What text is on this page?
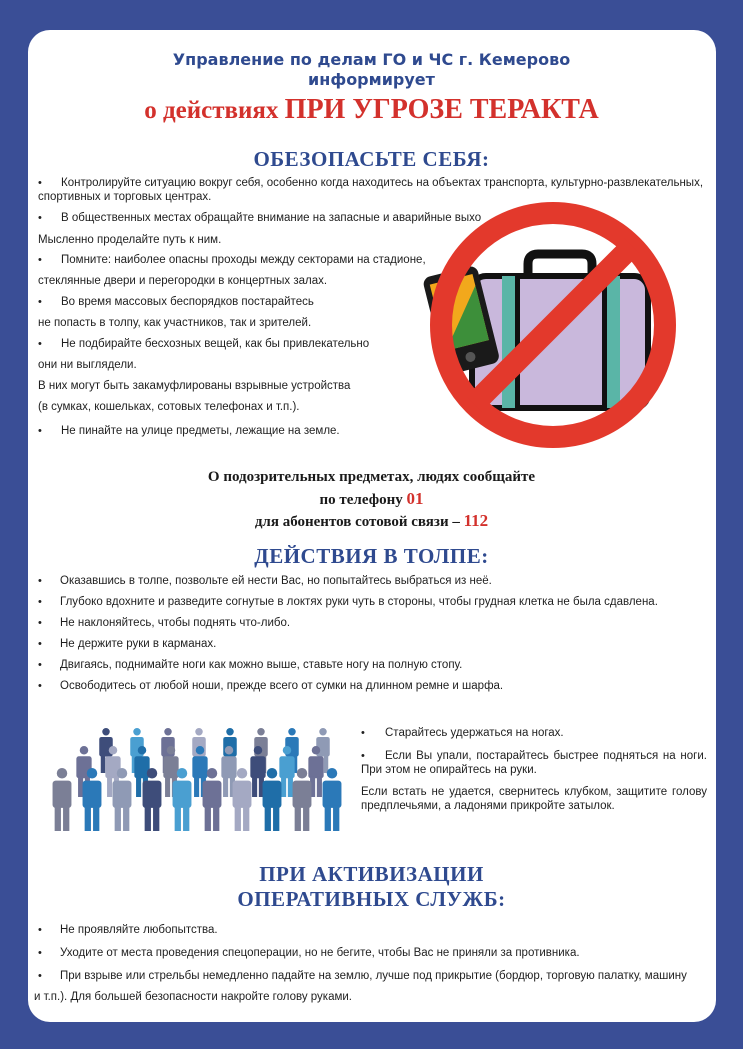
Управление по делам ГО и ЧС г. Кемерово
информирует
о действиях ПРИ УГРОЗЕ ТЕРАКТА
ОБЕЗОПАСЬТЕ СЕБЯ:
•	Контролируйте ситуацию вокруг себя, особенно когда находитесь на объектах транспорта, культурно-развлекательных,
спортивных и торговых центрах.
•	В общественных местах обращайте внимание на запасные и аварийные выхо
Мысленно проделайте путь к ним.
•	Помните: наиболее опасны проходы между секторами на стадионе,
стеклянные двери и перегородки в концертных залах.
•	Во время массовых беспорядков постарайтесь
не попасть в толпу, как участников, так и зрителей.
•	Не подбирайте бесхозных вещей, как бы привлекательно
они ни выглядели.
В них могут быть закамуфлированы взрывные устройства
(в сумках, кошельках, сотовых телефонах и т.п.).
•	Не пинайте на улице предметы, лежащие на земле.
О подозрительных предметах, людях сообщайте
по телефону 01
для абонентов сотовой связи – 112
ДЕЙСТВИЯ В ТОЛПЕ:
• Оказавшись в толпе, позвольте ей нести Вас, но попытайтесь выбраться из неё.
• Глубоко вдохните и разведите согнутые в локтях руки чуть в стороны, чтобы грудная клетка не была сдавлена.
• Не наклоняйтесь, чтобы поднять что-либо.
• Не держите руки в карманах.
• Двигаясь, поднимайте ноги как можно выше, ставьте ногу на полную стопу.
• Освободитесь от любой ноши, прежде всего от сумки на длинном ремне и шарфа.
• Старайтесь удержаться на ногах.
• Если Вы упали, постарайтесь быстрее подняться на ноги. При этом не опирайтесь на руки.
Если встать не удается, свернитесь клубком, защитите голову предплечьями, а ладонями прикройте затылок.
ПРИ АКТИВИЗАЦИИ
ОПЕРАТИВНЫХ СЛУЖБ:
• Не проявляйте любопытства.
• Уходите от места проведения спецоперации, но не бегите, чтобы Вас не приняли за противника.
•	При взрыве или стрельбы немедленно падайте на землю, лучше под прикрытие (бордюр, торговую палатку, машину
и т.п.). Для большей безопасности накройте голову руками.
